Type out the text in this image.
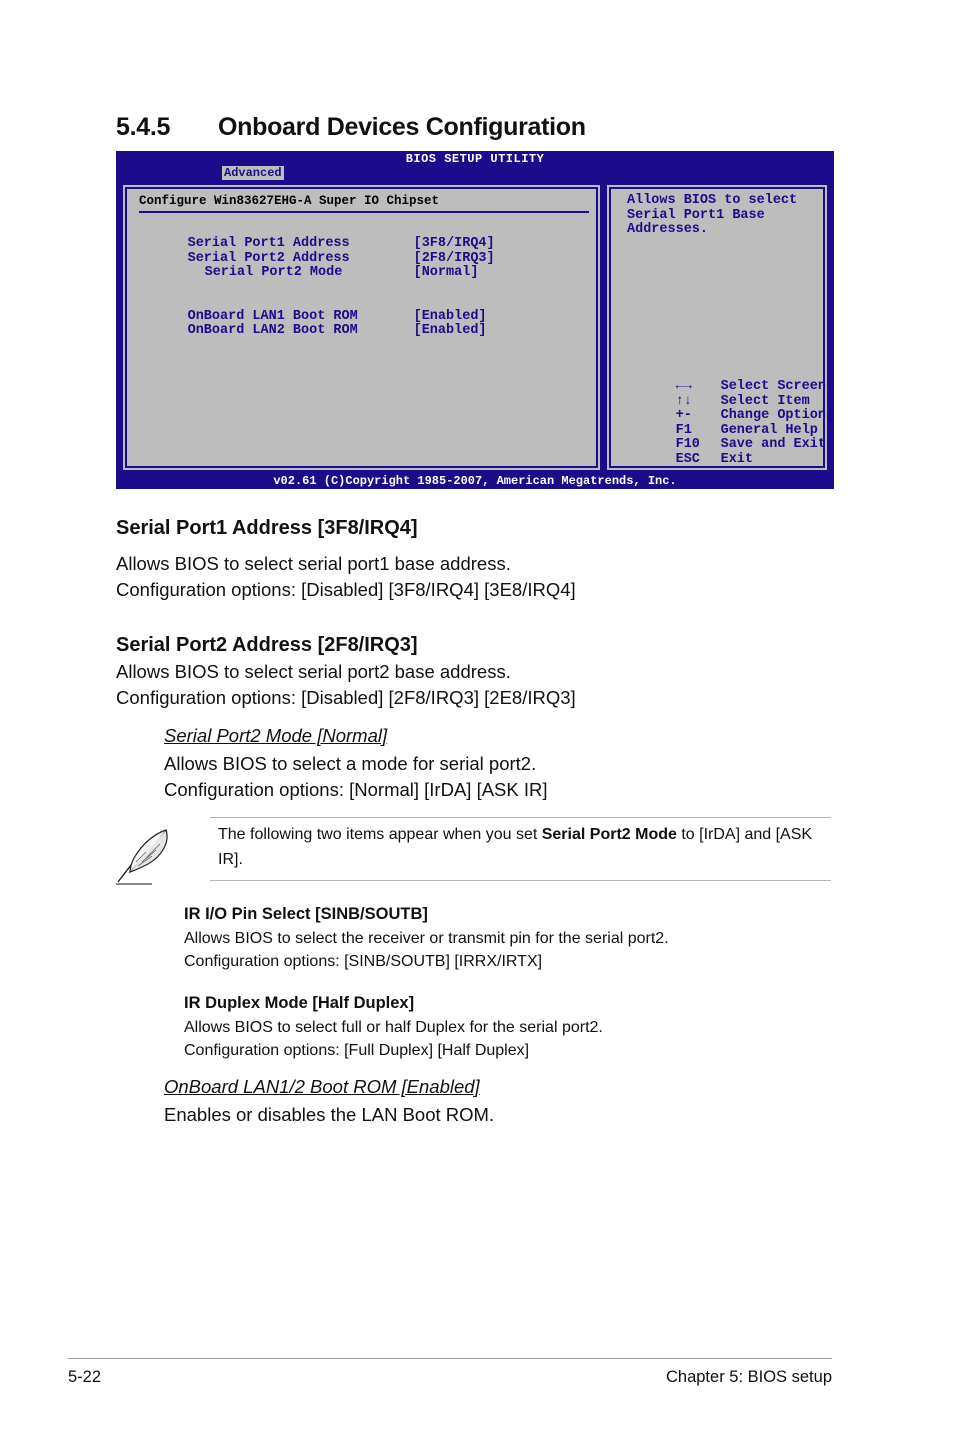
5.4.5 Onboard Devices Configuration
BIOS SETUP UTILITY
Advanced
Configure Win83627EHG-A Super IO Chipset

Serial Port1 Address	[3F8/IRQ4]

Serial Port2 Address	[2F8/IRQ3]

Serial Port2 Mode	[Normal]

OnBoard LAN1 Boot ROM	[Enabled]

OnBoard LAN2 Boot ROM	[Enabled]

Allows BIOS to select
Serial Port1 Base
Addresses.

←→ Select Screen

↑↓ Select Item

+- Change Option

F1 General Help

F10 Save and Exit

ESC Exit

v02.61 (C)Copyright 1985-2007, American Megatrends, Inc.
Serial Port1 Address [3F8/IRQ4]
Allows BIOS to select serial port1 base address.
Configuration options: [Disabled] [3F8/IRQ4] [3E8/IRQ4]
Serial Port2 Address [2F8/IRQ3]
Allows BIOS to select serial port2 base address.
Configuration options: [Disabled] [2F8/IRQ3] [2E8/IRQ3]
Serial Port2 Mode [Normal]
Allows BIOS to select a mode for serial port2.
Configuration options: [Normal] [IrDA] [ASK IR]
The following two items appear when you set Serial Port2 Mode to [IrDA] and [ASK IR].
IR I/O Pin Select [SINB/SOUTB]
Allows BIOS to select the receiver or transmit pin for the serial port2.
Configuration options: [SINB/SOUTB] [IRRX/IRTX]
IR Duplex Mode [Half Duplex]
Allows BIOS to select full or half Duplex for the serial port2.
Configuration options: [Full Duplex] [Half Duplex]
OnBoard LAN1/2 Boot ROM [Enabled]
Enables or disables the LAN Boot ROM.
5-22	Chapter 5: BIOS setup
